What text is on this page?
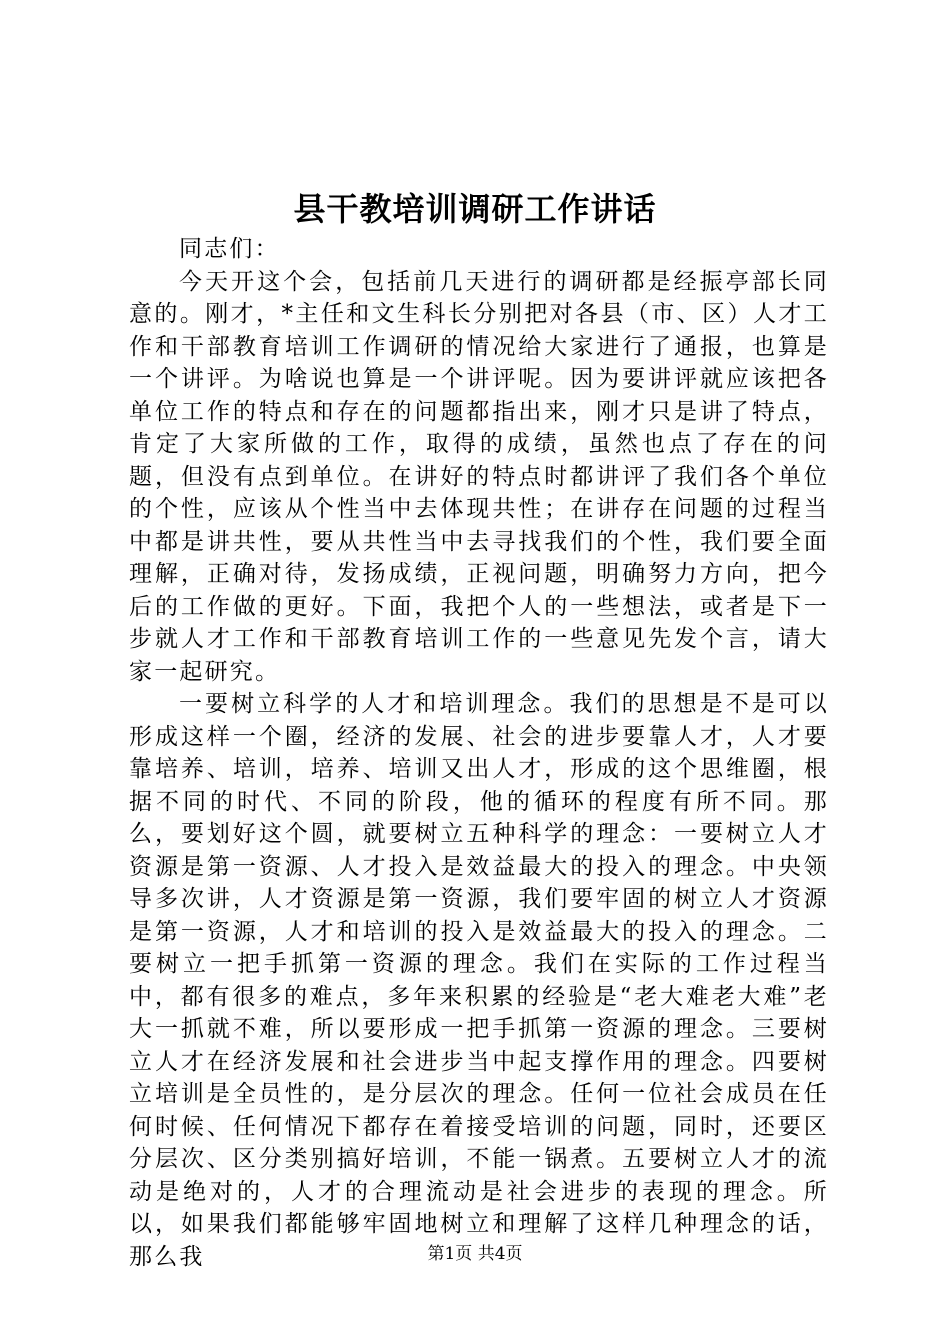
县干教培训调研工作讲话

同志们：

今天开这个会，包括前几天进行的调研都是经振亭部长同意的。刚才，*主任和文生科长分别把对各县（市、区）人才工作和干部教育培训工作调研的情况给大家进行了通报，也算是一个讲评。为啥说也算是一个讲评呢。因为要讲评就应该把各单位工作的特点和存在的问题都指出来，刚才只是讲了特点，肯定了大家所做的工作，取得的成绩，虽然也点了存在的问题，但没有点到单位。在讲好的特点时都讲评了我们各个单位的个性，应该从个性当中去体现共性；在讲存在问题的过程当中都是讲共性，要从共性当中去寻找我们的个性，我们要全面理解，正确对待，发扬成绩，正视问题，明确努力方向，把今后的工作做的更好。下面，我把个人的一些想法，或者是下一步就人才工作和干部教育培训工作的一些意见先发个言，请大家一起研究。

一要树立科学的人才和培训理念。我们的思想是不是可以形成这样一个圈，经济的发展、社会的进步要靠人才，人才要靠培养、培训，培养、培训又出人才，形成的这个思维圈，根据不同的时代、不同的阶段，他的循环的程度有所不同。那么，要划好这个圆，就要树立五种科学的理念：一要树立人才资源是第一资源、人才投入是效益最大的投入的理念。中央领导多次讲，人才资源是第一资源，我们要牢固的树立人才资源是第一资源，人才和培训的投入是效益最大的投入的理念。二要树立一把手抓第一资源的理念。我们在实际的工作过程当中，都有很多的难点，多年来积累的经验是“老大难老大难”老大一抓就不难，所以要形成一把手抓第一资源的理念。三要树立人才在经济发展和社会进步当中起支撑作用的理念。四要树立培训是全员性的，是分层次的理念。任何一位社会成员在任何时候、任何情况下都存在着接受培训的问题，同时，还要区分层次、区分类别搞好培训，不能一锅煮。五要树立人才的流动是绝对的，人才的合理流动是社会进步的表现的理念。所以，如果我们都能够牢固地树立和理解了这样几种理念的话，那么我	第1页 共4页
